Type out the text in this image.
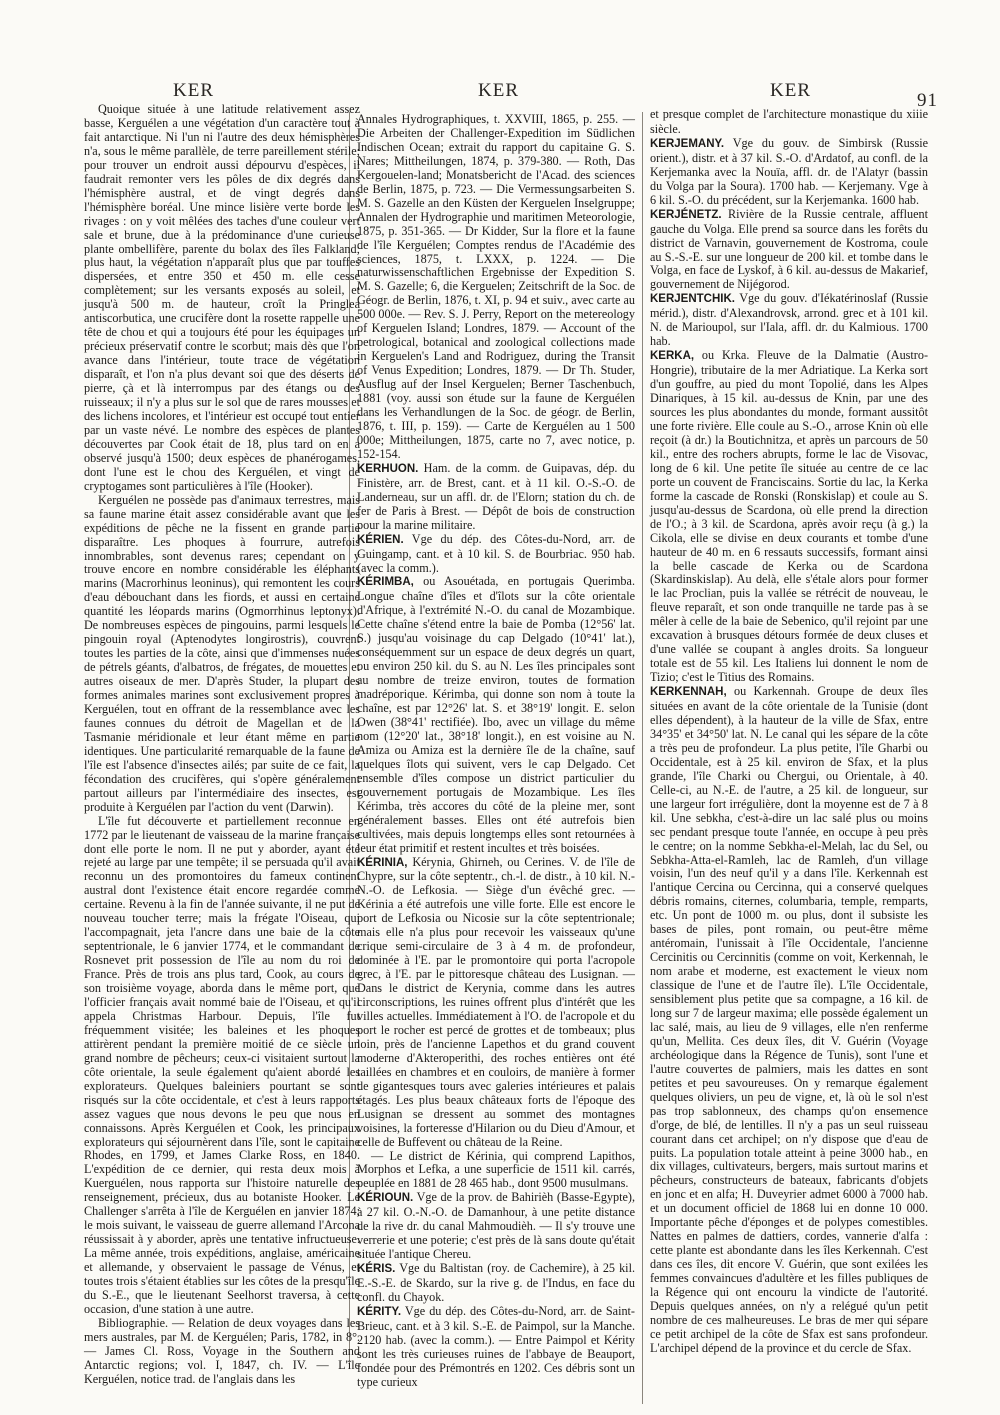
KER	KER	KER	91

Quoique située à une latitude relativement assez basse, Kerguélen a une végétation d'un caractère tout à fait antarctique. Ni l'un ni l'autre des deux hémisphères n'a, sous le même parallèle, de terre pareillement stérile; pour trouver un endroit aussi dépourvu d'espèces, il faudrait remonter vers les pôles de dix degrés dans l'hémisphère austral, et de vingt degrés dans l'hémisphère boréal. Une mince lisière verte borde les rivages : on y voit mêlées des taches d'une couleur vert sale et brune, due à la prédominance d'une curieuse plante ombellifère, parente du bolax des îles Falkland; plus haut, la végétation n'apparaît plus que par touffes dispersées, et entre 350 et 450 m. elle cesse complètement; sur les versants exposés au soleil, et jusqu'à 500 m. de hauteur, croît la Pringlea antiscorbutica, une crucifère dont la rosette rappelle une tête de chou et qui a toujours été pour les équipages un précieux préservatif contre le scorbut; mais dès que l'on avance dans l'intérieur, toute trace de végétation disparaît, et l'on n'a plus devant soi que des déserts de pierre, çà et là interrompus par des étangs ou des ruisseaux; il n'y a plus sur le sol que de rares mousses et des lichens incolores, et l'intérieur est occupé tout entier par un vaste névé. Le nombre des espèces de plantes découvertes par Cook était de 18, plus tard on en a observé jusqu'à 1500; deux espèces de phanérogames, dont l'une est le chou des Kerguélen, et vingt de cryptogames sont particulières à l'île (Hooker).

Kerguélen ne possède pas d'animaux terrestres, mais sa faune marine était assez considérable avant que les expéditions de pêche ne la fissent en grande partie disparaître. Les phoques à fourrure, autrefois innombrables, sont devenus rares; cependant on y trouve encore en nombre considérable les éléphants marins (Macrorhinus leoninus), qui remontent les cours d'eau débouchant dans les fiords, et aussi en certaine quantité les léopards marins (Ogmorrhinus leptonyx). De nombreuses espèces de pingouins, parmi lesquels le pingouin royal (Aptenodytes longirostris), couvrent toutes les parties de la côte, ainsi que d'immenses nuées de pétrels géants, d'albatros, de frégates, de mouettes et autres oiseaux de mer. D'après Studer, la plupart des formes animales marines sont exclusivement propres à Kerguélen, tout en offrant de la ressemblance avec les faunes connues du détroit de Magellan et de la Tasmanie méridionale et leur étant même en partie identiques. Une particularité remarquable de la faune de l'île est l'absence d'insectes ailés; par suite de ce fait, la fécondation des crucifères, qui s'opère généralement partout ailleurs par l'intermédiaire des insectes, est produite à Kerguélen par l'action du vent (Darwin).

L'île fut découverte et partiellement reconnue en 1772 par le lieutenant de vaisseau de la marine française dont elle porte le nom. Il ne put y aborder, ayant été rejeté au large par une tempête; il se persuada qu'il avait reconnu un des promontoires du fameux continent austral dont l'existence était encore regardée comme certaine. Revenu à la fin de l'année suivante, il ne put de nouveau toucher terre; mais la frégate l'Oiseau, qui l'accompagnait, jeta l'ancre dans une baie de la côte septentrionale, le 6 janvier 1774, et le commandant de Rosnevet prit possession de l'île au nom du roi de France. Près de trois ans plus tard, Cook, au cours de son troisième voyage, aborda dans le même port, que l'officier français avait nommé baie de l'Oiseau, et qu'il appela Christmas Harbour. Depuis, l'île fut fréquemment visitée; les baleines et les phoques attirèrent pendant la première moitié de ce siècle un grand nombre de pêcheurs; ceux-ci visitaient surtout la côte orientale, la seule également qu'aient abordé les explorateurs. Quelques baleiniers pourtant se sont risqués sur la côte occidentale, et c'est à leurs rapports assez vagues que nous devons le peu que nous en connaissons. Après Kerguélen et Cook, les principaux explorateurs qui séjournèrent dans l'île, sont le capitaine Rhodes, en 1799, et James Clarke Ross, en 1840. L'expédition de ce dernier, qui resta deux mois à Kuerguélen, nous rapporta sur l'histoire naturelle des renseignement, précieux, dus au botaniste Hooker. Le Challenger s'arrêta à l'île de Kerguélen en janvier 1874; le mois suivant, le vaisseau de guerre allemand l'Arcona réussissait à y aborder, après une tentative infructueuse. La même année, trois expéditions, anglaise, américaine et allemande, y observaient le passage de Vénus, et toutes trois s'étaient établies sur les côtes de la presqu'île du S.-E., que le lieutenant Seelhorst traversa, à cette occasion, d'une station à une autre.

Bibliographie. — Relation de deux voyages dans les mers australes, par M. de Kerguélen; Paris, 1782, in 8°. — James Cl. Ross, Voyage in the Southern and Antarctic regions; vol. I, 1847, ch. IV. — L'île Kerguélen, notice trad. de l'anglais dans les

Annales Hydrographiques, t. XXVIII, 1865, p. 255. — Die Arbeiten der Challenger-Expedition im Südlichen Indischen Ocean; extrait du rapport du capitaine G. S. Nares; Mittheilungen, 1874, p. 379-380. — Roth, Das Kergouelen-land; Monatsbericht de l'Acad. des sciences de Berlin, 1875, p. 723. — Die Vermessungsarbeiten S. M. S. Gazelle an den Küsten der Kerguelen Inselgruppe; Annalen der Hydrographie und maritimen Meteorologie, 1875, p. 351-365. — Dr Kidder, Sur la flore et la faune de l'île Kerguélen; Comptes rendus de l'Académie des sciences, 1875, t. LXXX, p. 1224. — Die naturwissenschaftlichen Ergebnisse der Expedition S. M. S. Gazelle; 6, die Kerguelen; Zeitschrift de la Soc. de Géogr. de Berlin, 1876, t. XI, p. 94 et suiv., avec carte au 500 000e. — Rev. S. J. Perry, Report on the metereology of Kerguelen Island; Londres, 1879. — Account of the petrological, botanical and zoological collections made in Kerguelen's Land and Rodriguez, during the Transit of Venus Expedition; Londres, 1879. — Dr Th. Studer, Ausflug auf der Insel Kerguelen; Berner Taschenbuch, 1881 (voy. aussi son étude sur la faune de Kerguélen dans les Verhandlungen de la Soc. de géogr. de Berlin, 1876, t. III, p. 159). — Carte de Kerguélen au 1 500 000e; Mittheilungen, 1875, carte no 7, avec notice, p. 152-154.

KERHUON. Ham. de la comm. de Guipavas, dép. du Finistère, arr. de Brest, cant. et à 11 kil. O.-S.-O. de Landerneau, sur un affl. dr. de l'Elorn; station du ch. de fer de Paris à Brest. — Dépôt de bois de construction pour la marine militaire.

KÉRIEN. Vge du dép. des Côtes-du-Nord, arr. de Guingamp, cant. et à 10 kil. S. de Bourbriac. 950 hab. (avec la comm.).

KÉRIMBA, ou Asouétada, en portugais Querimba. Longue chaîne d'îles et d'îlots sur la côte orientale d'Afrique, à l'extrémité N.-O. du canal de Mozambique. Cette chaîne s'étend entre la baie de Pomba (12°56' lat. S.) jusqu'au voisinage du cap Delgado (10°41' lat.), conséquemment sur un espace de deux degrés un quart, ou environ 250 kil. du S. au N. Les îles principales sont au nombre de treize environ, toutes de formation madréporique. Kérimba, qui donne son nom à toute la chaîne, est par 12°26' lat. S. et 38°19' longit. E. selon Owen (38°41' rectifiée). Ibo, avec un village du même nom (12°20' lat., 38°18' longit.), en est voisine au N. Amiza ou Amiza est la dernière île de la chaîne, sauf quelques îlots qui suivent, vers le cap Delgado. Cet ensemble d'îles compose un district particulier du gouvernement portugais de Mozambique. Les îles Kérimba, très accores du côté de la pleine mer, sont généralement basses. Elles ont été autrefois bien cultivées, mais depuis longtemps elles sont retournées à leur état primitif et restent incultes et très boisées.

KÉRINIA, Kérynia, Ghirneh, ou Cerines. V. de l'île de Chypre, sur la côte septentr., ch.-l. de distr., à 10 kil. N.-N.-O. de Lefkosia. — Siège d'un évêché grec. — Kérinia a été autrefois une ville forte. Elle est encore le port de Lefkosia ou Nicosie sur la côte septentrionale; mais elle n'a plus pour recevoir les vaisseaux qu'une crique semi-circulaire de 3 à 4 m. de profondeur, dominée à l'E. par le promontoire qui porta l'acropole grec, à l'E. par le pittoresque château des Lusignan. — Dans le district de Kerynia, comme dans les autres circonscriptions, les ruines offrent plus d'intérêt que les villes actuelles. Immédiatement à l'O. de l'acropole et du port le rocher est percé de grottes et de tombeaux; plus loin, près de l'ancienne Lapethos et du grand couvent moderne d'Akteroperithi, des roches entières ont été taillées en chambres et en couloirs, de manière à former de gigantesques tours avec galeries intérieures et palais étagés. Les plus beaux châteaux forts de l'époque des Lusignan se dressent au sommet des montagnes voisines, la forteresse d'Hilarion ou du Dieu d'Amour, et celle de Buffevent ou château de la Reine.

— Le district de Kérinia, qui comprend Lapithos, Morphos et Lefka, a une superficie de 1511 kil. carrés, peuplée en 1881 de 28 465 hab., dont 9500 musulmans.

KÉRIOUN. Vge de la prov. de Bahirièh (Basse-Egypte), à 27 kil. O.-N.-O. de Damanhour, à une petite distance de la rive dr. du canal Mahmoudièh. — Il s'y trouve une verrerie et une poterie; c'est près de là sans doute qu'était située l'antique Chereu.

KÉRIS. Vge du Baltistan (roy. de Cachemire), à 25 kil. E.-S.-E. de Skardo, sur la rive g. de l'Indus, en face du confl. du Chayok.

KÉRITY. Vge du dép. des Côtes-du-Nord, arr. de Saint-Brieuc, cant. et à 3 kil. S.-E. de Paimpol, sur la Manche. 2120 hab. (avec la comm.). — Entre Paimpol et Kérity sont les très curieuses ruines de l'abbaye de Beauport, fondée pour des Prémontrés en 1202. Ces débris sont un type curieux

et presque complet de l'architecture monastique du xiiie siècle.

KERJEMANY. Vge du gouv. de Simbirsk (Russie orient.), distr. et à 37 kil. S.-O. d'Ardatof, au confl. de la Kerjemanka avec la Nouïa, affl. dr. de l'Alatyr (bassin du Volga par la Soura). 1700 hab. — Kerjemany. Vge à 6 kil. S.-O. du précédent, sur la Kerjemanka. 1600 hab.

KERJÉNETZ. Rivière de la Russie centrale, affluent gauche du Volga. Elle prend sa source dans les forêts du district de Varnavin, gouvernement de Kostroma, coule au S.-S.-E. sur une longueur de 200 kil. et tombe dans le Volga, en face de Lyskof, à 6 kil. au-dessus de Makarief, gouvernement de Nijégorod.

KERJENTCHIK. Vge du gouv. d'Iékatérinoslaf (Russie mérid.), distr. d'Alexandrovsk, arrond. grec et à 101 kil. N. de Marioupol, sur l'Iala, affl. dr. du Kalmious. 1700 hab.

KERKA, ou Krka. Fleuve de la Dalmatie (Austro-Hongrie), tributaire de la mer Adriatique. La Kerka sort d'un gouffre, au pied du mont Topolié, dans les Alpes Dinariques, à 15 kil. au-dessus de Knin, par une des sources les plus abondantes du monde, formant aussitôt une forte rivière. Elle coule au S.-O., arrose Knin où elle reçoit (à dr.) la Boutichnitza, et après un parcours de 50 kil., entre des rochers abrupts, forme le lac de Visovac, long de 6 kil. Une petite île située au centre de ce lac porte un couvent de Franciscains. Sortie du lac, la Kerka forme la cascade de Ronski (Ronskislap) et coule au S. jusqu'au-dessus de Scardona, où elle prend la direction de l'O.; à 3 kil. de Scardona, après avoir reçu (à g.) la Cikola, elle se divise en deux courants et tombe d'une hauteur de 40 m. en 6 ressauts successifs, formant ainsi la belle cascade de Kerka ou de Scardona (Skardinskislap). Au delà, elle s'étale alors pour former le lac Proclian, puis la vallée se rétrécit de nouveau, le fleuve reparaît, et son onde tranquille ne tarde pas à se mêler à celle de la baie de Sebenico, qu'il rejoint par une excavation à brusques détours formée de deux cluses et d'une vallée se coupant à angles droits. Sa longueur totale est de 55 kil. Les Italiens lui donnent le nom de Tizio; c'est le Titius des Romains.

KERKENNAH, ou Karkennah. Groupe de deux îles situées en avant de la côte orientale de la Tunisie (dont elles dépendent), à la hauteur de la ville de Sfax, entre 34°35' et 34°50' lat. N. Le canal qui les sépare de la côte a très peu de profondeur. La plus petite, l'île Gharbi ou Occidentale, est à 25 kil. environ de Sfax, et la plus grande, l'île Charki ou Chergui, ou Orientale, à 40. Celle-ci, au N.-E. de l'autre, a 25 kil. de longueur, sur une largeur fort irrégulière, dont la moyenne est de 7 à 8 kil. Une sebkha, c'est-à-dire un lac salé plus ou moins sec pendant presque toute l'année, en occupe à peu près le centre; on la nomme Sebkha-el-Melah, lac du Sel, ou Sebkha-Atta-el-Ramleh, lac de Ramleh, d'un village voisin, l'un des neuf qu'il y a dans l'île. Kerkennah est l'antique Cercina ou Cercinna, qui a conservé quelques débris romains, citernes, columbaria, temple, remparts, etc. Un pont de 1000 m. ou plus, dont il subsiste les bases de piles, pont romain, ou peut-être même antéromain, l'unissait à l'île Occidentale, l'ancienne Cercinitis ou Cercinnitis (comme on voit, Kerkennah, le nom arabe et moderne, est exactement le vieux nom classique de l'une et de l'autre île). L'île Occidentale, sensiblement plus petite que sa compagne, a 16 kil. de long sur 7 de largeur maxima; elle possède également un lac salé, mais, au lieu de 9 villages, elle n'en renferme qu'un, Mellita. Ces deux îles, dit V. Guérin (Voyage archéologique dans la Régence de Tunis), sont l'une et l'autre couvertes de palmiers, mais les dattes en sont petites et peu savoureuses. On y remarque également quelques oliviers, un peu de vigne, et, là où le sol n'est pas trop sablonneux, des champs qu'on ensemence d'orge, de blé, de lentilles. Il n'y a pas un seul ruisseau courant dans cet archipel; on n'y dispose que d'eau de puits. La population totale atteint à peine 3000 hab., en dix villages, cultivateurs, bergers, mais surtout marins et pêcheurs, constructeurs de bateaux, fabricants d'objets en jonc et en alfa; H. Duveyrier admet 6000 à 7000 hab. et un document officiel de 1868 lui en donne 10 000. Importante pêche d'éponges et de polypes comestibles. Nattes en palmes de dattiers, cordes, vannerie d'alfa : cette plante est abondante dans les îles Kerkennah. C'est dans ces îles, dit encore V. Guérin, que sont exilées les femmes convaincues d'adultère et les filles publiques de la Régence qui ont encouru la vindicte de l'autorité. Depuis quelques années, on n'y a relégué qu'un petit nombre de ces malheureuses. Le bras de mer qui sépare ce petit archipel de la côte de Sfax est sans profondeur. L'archipel dépend de la province et du cercle de Sfax.
